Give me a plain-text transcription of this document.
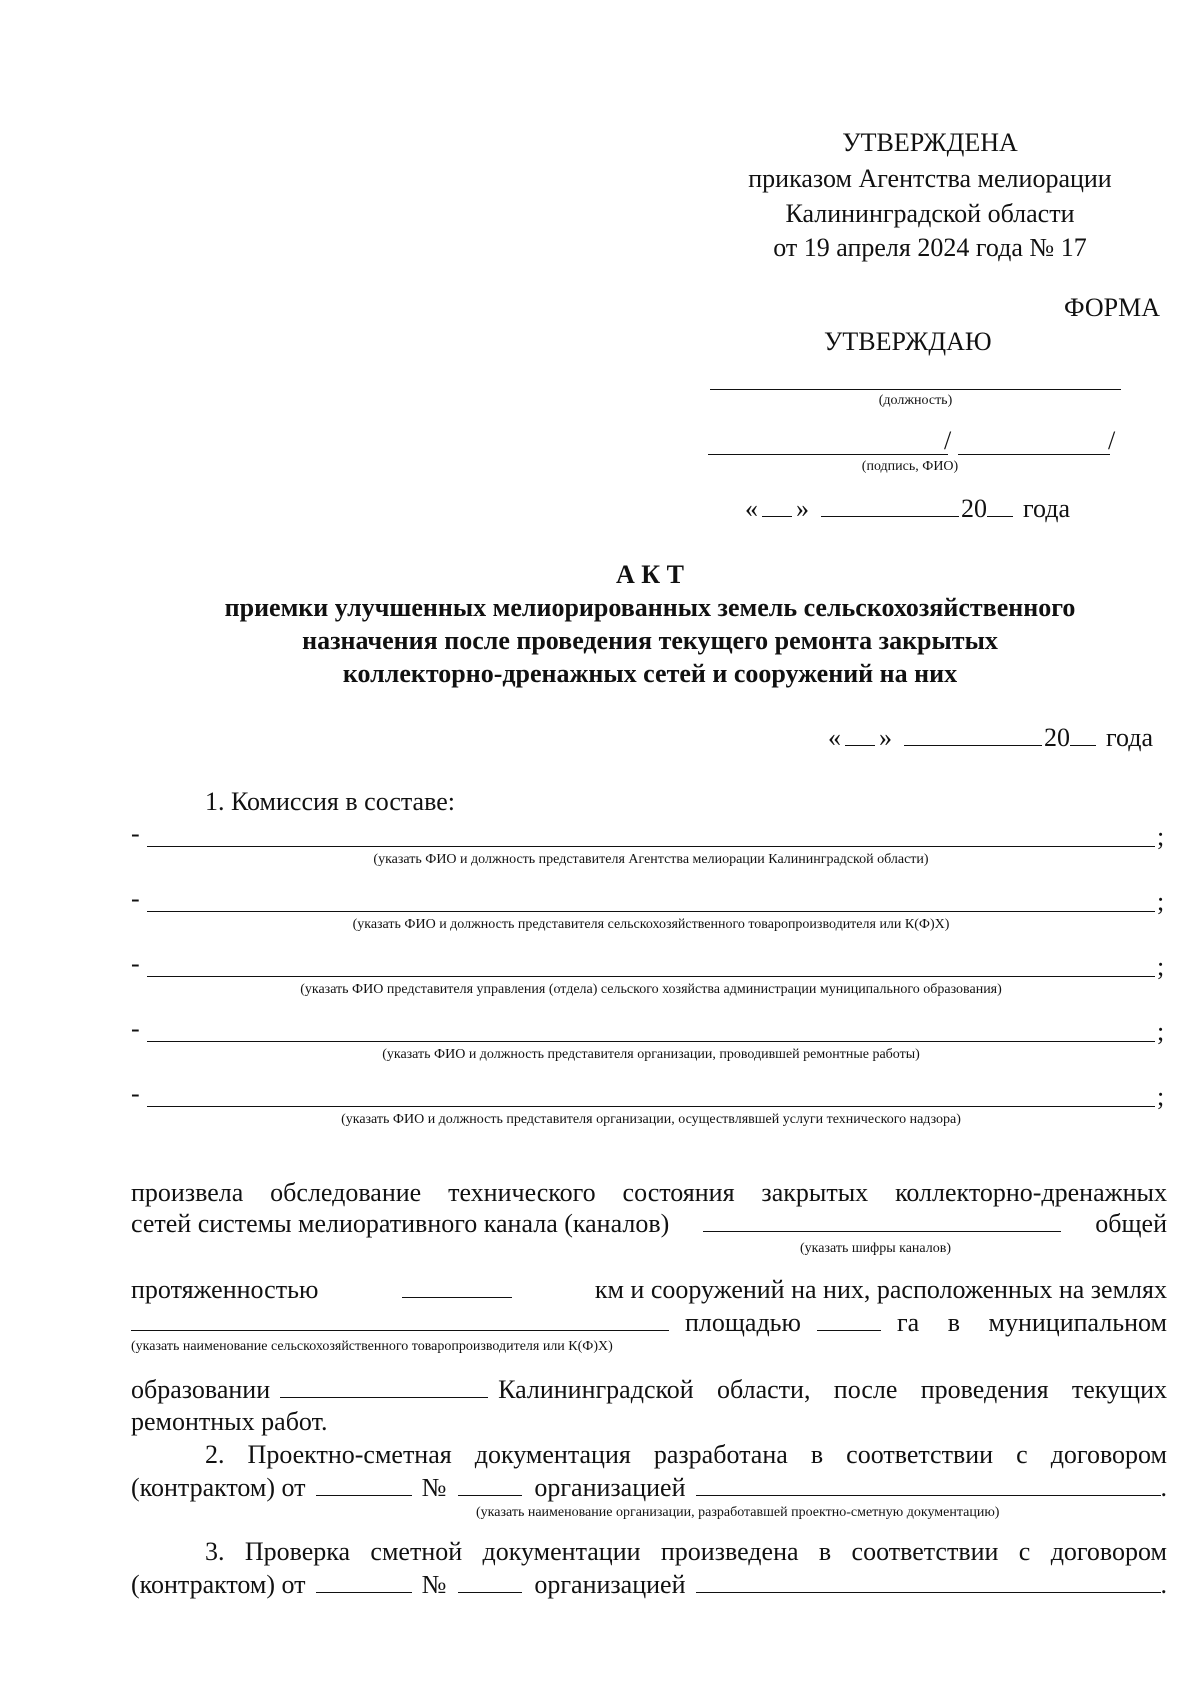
УТВЕРЖДЕНА
приказом Агентства мелиорации
Калининградской области
от 19 апреля 2024 года № 17
ФОРМА
УТВЕРЖДАЮ
(должность)
/	/
(подпись, ФИО)
« »	20 года
А К Т
приемки улучшенных мелиорированных земель сельскохозяйственного
назначения после проведения текущего ремонта закрытых
коллекторно-дренажных сетей и сооружений на них
« »	20 года
1. Комиссия в составе:
-	;
(указать ФИО и должность представителя Агентства мелиорации Калининградской области)
-	;
(указать ФИО и должность представителя сельскохозяйственного товаропроизводителя или К(Ф)Х)
-	;
(указать ФИО представителя управления (отдела) сельского хозяйства администрации муниципального образования)
-	;
(указать ФИО и должность представителя организации, проводившей ремонтные работы)
-	;
(указать ФИО и должность представителя организации, осуществлявшей услуги технического надзора)
произвела обследование технического состояния закрытых коллекторно-дренажных
сетей системы мелиоративного канала (каналов)	общей
(указать шифры каналов)
протяженностью	км и сооружений на них, расположенных на землях
площадью	га в муниципальном
(указать наименование сельскохозяйственного товаропроизводителя или К(Ф)Х)
образовании	Калининградской области, после проведения текущих
ремонтных работ.
2. Проектно-сметная документация разработана в соответствии с договором
(контрактом) от	№	организацией	.
(указать наименование организации, разработавшей проектно-сметную документацию)
3. Проверка сметной документации произведена в соответствии с договором
(контрактом) от	№	организацией	.
